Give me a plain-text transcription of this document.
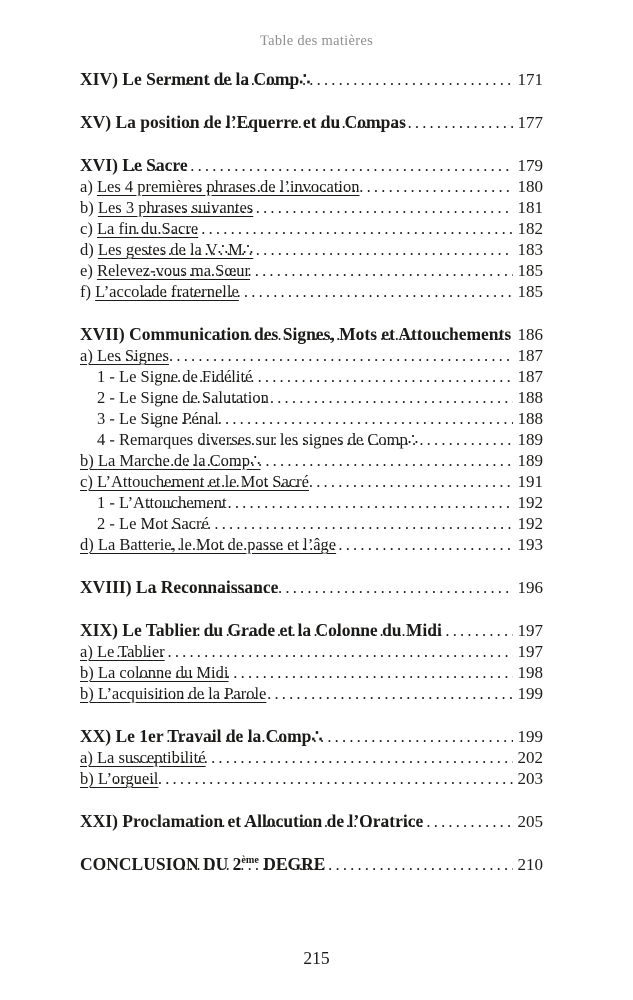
Table des matières
XIV) Le Serment de la Comp∴ .....	171
XV) La position de l’Equerre et du Compas .....	177
XVI) Le Sacre .....	179
a) Les 4 premières phrases de l’invocation .....	180
b) Les 3 phrases suivantes .....	181
c) La fin du Sacre .....	182
d) Les gestes de la V∴M∴ .....	183
e) Relevez-vous ma Sœur .....	185
f) L’accolade fraternelle .....	185
XVII) Communication des Signes, Mots et Attouchements ..... 186
a) Les Signes .....	187
1 - Le Signe de Fidélité .....	187
2 - Le Signe de Salutation .....	188
3 - Le Signe Pénal .....	188
4 - Remarques diverses sur les signes de Comp∴ .....	189
b) La Marche de la Comp∴ .....	189
c) L’Attouchement et le Mot Sacré .....	191
1 - L’Attouchement .....	192
2 - Le Mot Sacré .....	192
d) La Batterie, le Mot de passe et l’âge .....	193
XVIII) La Reconnaissance .....	196
XIX) Le Tablier du Grade et la Colonne du Midi .....	197
a) Le Tablier .....	197
b) La colonne du Midi .....	198
b) L’acquisition de la Parole .....	199
XX) Le 1er Travail de la Comp∴ .....	199
a) La susceptibilité .....	202
b) L’orgueil .....	203
XXI) Proclamation et Allocution de l’Oratrice .....	205
CONCLUSION DU 2ème DEGRE .....	210
215
